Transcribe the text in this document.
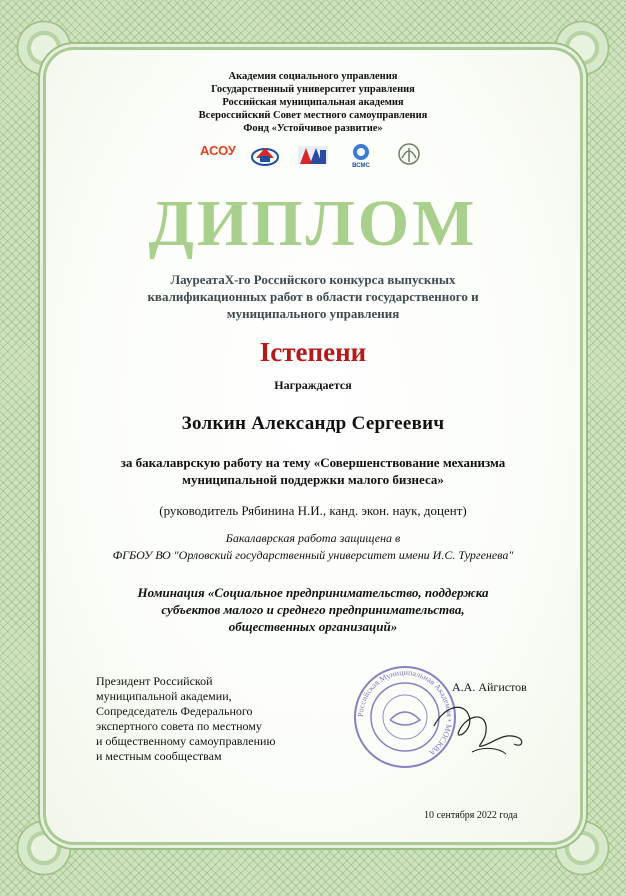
Академия социального управления
Государственный университет управления
Российская муниципальная академия
Всероссийский Совет местного самоуправления
Фонд «Устойчивое развитие»
АСОУ
ВСМС
ДИПЛОМ
ЛауреатаX-го Российского конкурса выпускных
квалификационных работ в области государственного и
муниципального управления
Iстепени
Награждается
Золкин Александр Сергеевич
за бакалаврскую работу на тему «Совершенствование механизма
муниципальной поддержки малого бизнеса»
(руководитель Рябинина Н.И., канд. экон. наук, доцент)
Бакалаврская работа защищена в
ФГБОУ ВО "Орловский государственный университет имени И.С. Тургенева"
Номинация «Социальное предпринимательство, поддержка
субъектов малого и среднего предпринимательства,
общественных организаций»
Президент Российской
муниципальной академии,
Сопредседатель Федерального
экспертного совета по местному
и общественному самоуправлению
и местным сообществам
Российская Муниципальная Академия • МОСКВА
А.А. Айгистов
10 сентября 2022 года
